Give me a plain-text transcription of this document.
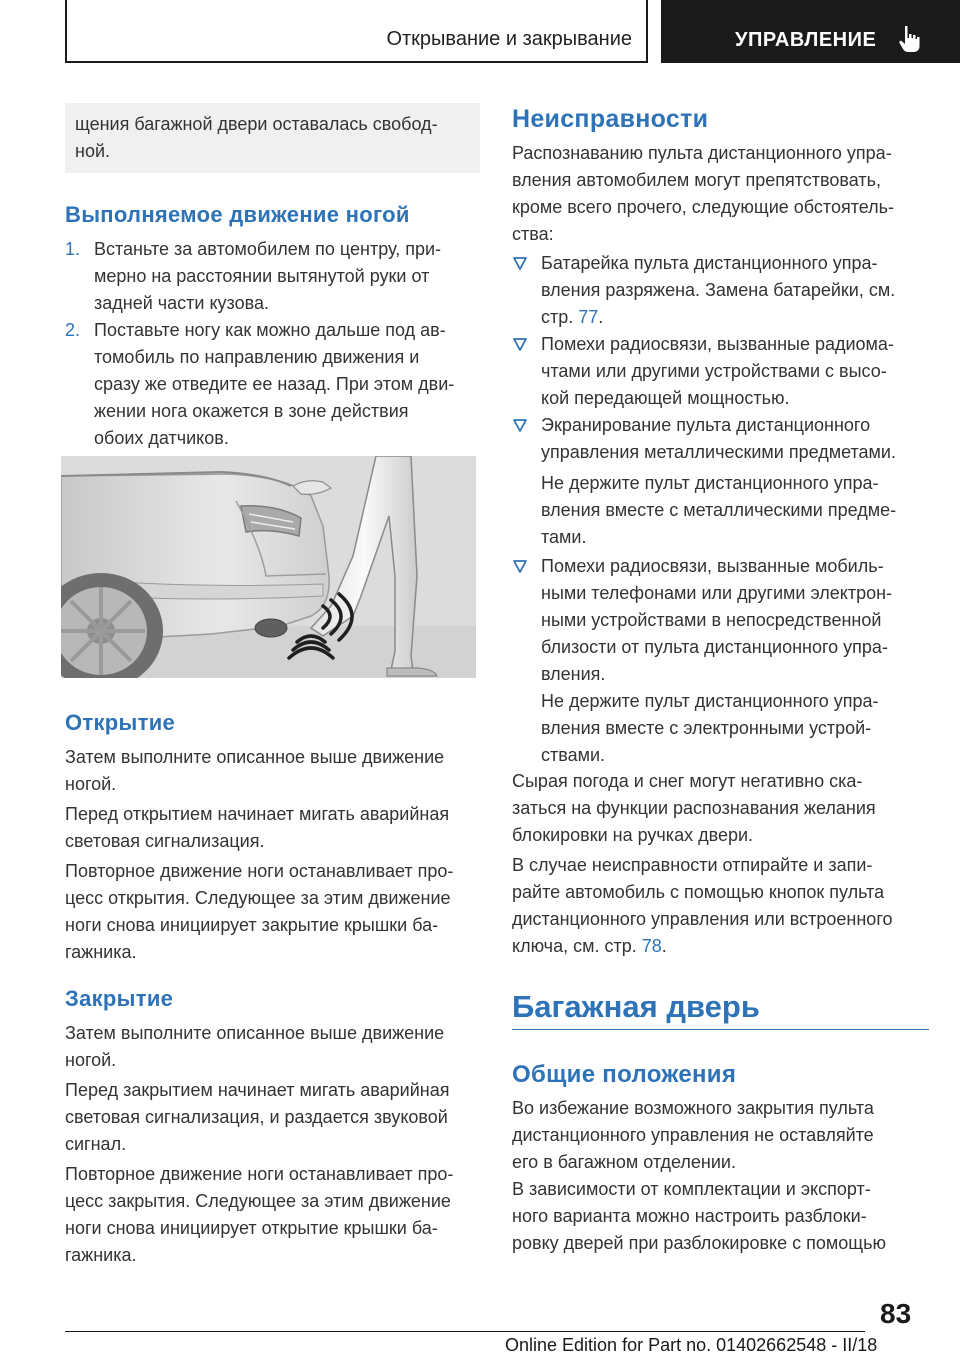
Открывание и закрывание	УПРАВЛЕНИЕ
щения багажной двери оставалась свобод-
ной.
Выполняемое движение ногой
1. Встаньте за автомобилем по центру, при-
мерно на расстоянии вытянутой руки от
задней части кузова.
2. Поставьте ногу как можно дальше под ав-
томобиль по направлению движения и
сразу же отведите ее назад. При этом дви-
жении нога окажется в зоне действия
обоих датчиков.
Открытие
Затем выполните описанное выше движение
ногой.
Перед открытием начинает мигать аварийная
световая сигнализация.
Повторное движение ноги останавливает про-
цесс открытия. Следующее за этим движение
ноги снова инициирует закрытие крышки ба-
гажника.
Закрытие
Затем выполните описанное выше движение
ногой.
Перед закрытием начинает мигать аварийная
световая сигнализация, и раздается звуковой
сигнал.
Повторное движение ноги останавливает про-
цесс закрытия. Следующее за этим движение
ноги снова инициирует открытие крышки ба-
гажника.
Неисправности
Распознаванию пульта дистанционного упра-
вления автомобилем могут препятствовать,
кроме всего прочего, следующие обстоятель-
ства:
Батарейка пульта дистанционного упра-
вления разряжена. Замена батарейки, см.
стр. 77.
Помехи радиосвязи, вызванные радиома-
чтами или другими устройствами с высо-
кой передающей мощностью.
Экранирование пульта дистанционного
управления металлическими предметами.
Не держите пульт дистанционного упра-
вления вместе с металлическими предме-
тами.
Помехи радиосвязи, вызванные мобиль-
ными телефонами или другими электрон-
ными устройствами в непосредственной
близости от пульта дистанционного упра-
вления.
Не держите пульт дистанционного упра-
вления вместе с электронными устрой-
ствами.
Сырая погода и снег могут негативно ска-
заться на функции распознавания желания
блокировки на ручках двери.
В случае неисправности отпирайте и запи-
райте автомобиль с помощью кнопок пульта
дистанционного управления или встроенного
ключа, см. стр. 78.
Багажная дверь
Общие положения
Во избежание возможного закрытия пульта
дистанционного управления не оставляйте
его в багажном отделении.
В зависимости от комплектации и экспорт-
ного варианта можно настроить разблоки-
ровку дверей при разблокировке с помощью
83
Online Edition for Part no. 01402662548 - II/18
